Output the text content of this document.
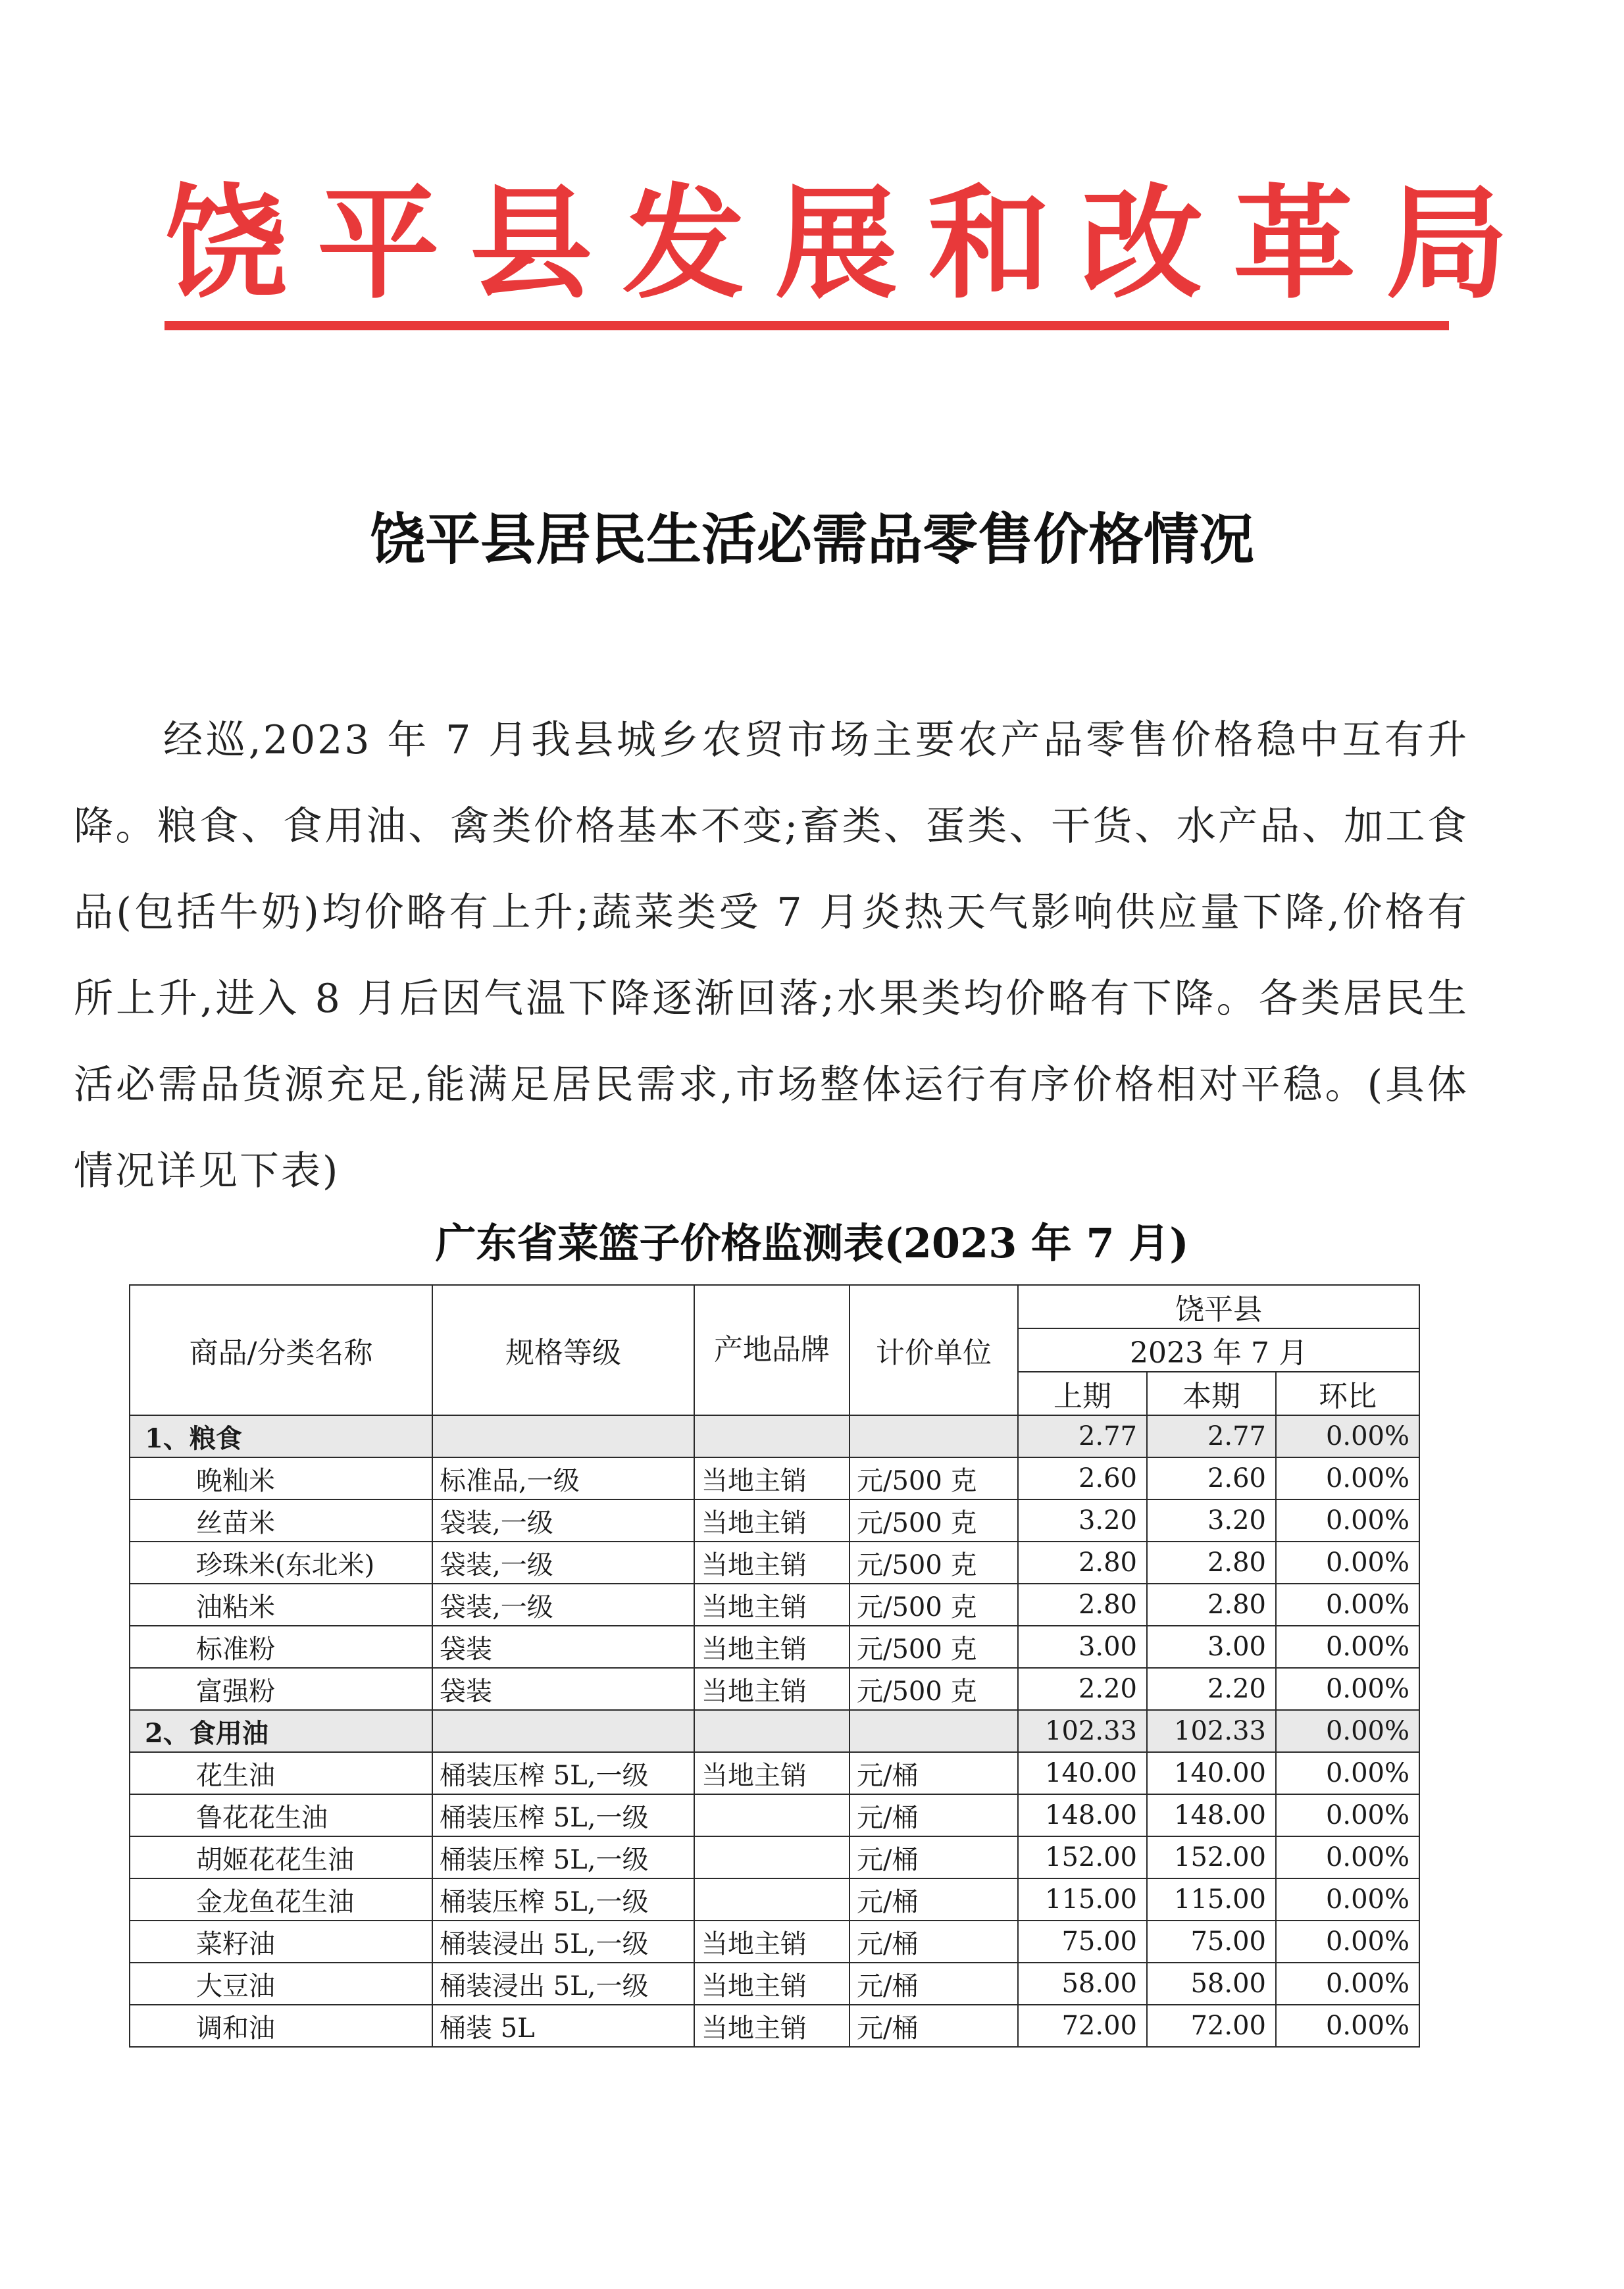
饶平县发展和改革局
饶平县居民生活必需品零售价格情况

经巡,2023 年 7 月我县城乡农贸市场主要农产品零售价格稳中互有升降。粮食、食用油、禽类价格基本不变;畜类、蛋类、干货、水产品、加工食品(包括牛奶)均价略有上升;蔬菜类受 7 月炎热天气影响供应量下降,价格有所上升,进入 8 月后因气温下降逐渐回落;水果类均价略有下降。各类居民生活必需品货源充足,能满足居民需求,市场整体运行有序价格相对平稳。(具体情况详见下表)

广东省菜篮子价格监测表(2023 年 7 月)
商品/分类名称	规格等级	产地品牌	计价单位	饶平县		
				2023 年 7 月		
				上期	本期	环比
1、粮食				2.77	2.77	0.00%
晚籼米	标准品,一级	当地主销	元/500 克	2.60	2.60	0.00%
丝苗米	袋装,一级	当地主销	元/500 克	3.20	3.20	0.00%
珍珠米(东北米)	袋装,一级	当地主销	元/500 克	2.80	2.80	0.00%
油粘米	袋装,一级	当地主销	元/500 克	2.80	2.80	0.00%
标准粉	袋装	当地主销	元/500 克	3.00	3.00	0.00%
富强粉	袋装	当地主销	元/500 克	2.20	2.20	0.00%
2、食用油				102.33	102.33	0.00%
花生油	桶装压榨 5L,一级	当地主销	元/桶	140.00	140.00	0.00%
鲁花花生油	桶装压榨 5L,一级		元/桶	148.00	148.00	0.00%
胡姬花花生油	桶装压榨 5L,一级		元/桶	152.00	152.00	0.00%
金龙鱼花生油	桶装压榨 5L,一级		元/桶	115.00	115.00	0.00%
菜籽油	桶装浸出 5L,一级	当地主销	元/桶	75.00	75.00	0.00%
大豆油	桶装浸出 5L,一级	当地主销	元/桶	58.00	58.00	0.00%
调和油	桶装 5L	当地主销	元/桶	72.00	72.00	0.00%
